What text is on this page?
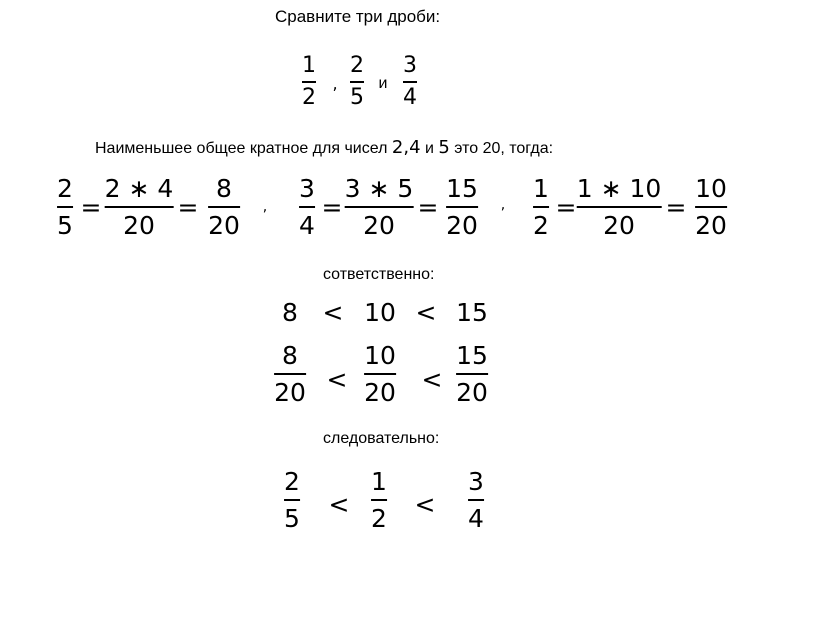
Сравните три дроби:
1
2
,
2
5
и
3
4
Наименьшее общее кратное для чисел 2,4 и 5 это 20, тогда:
2
5
=
2 ∗ 4
20
=
8
20
,
3
4
=
3 ∗ 5
20
=
15
20
,
1
2
=
1 ∗ 10
20
=
10
20
сответственно:
8 < 10 < 15
8
20 <
10
20 <
15
20
следовательно:
2
5 <
1
2 <
3
4
